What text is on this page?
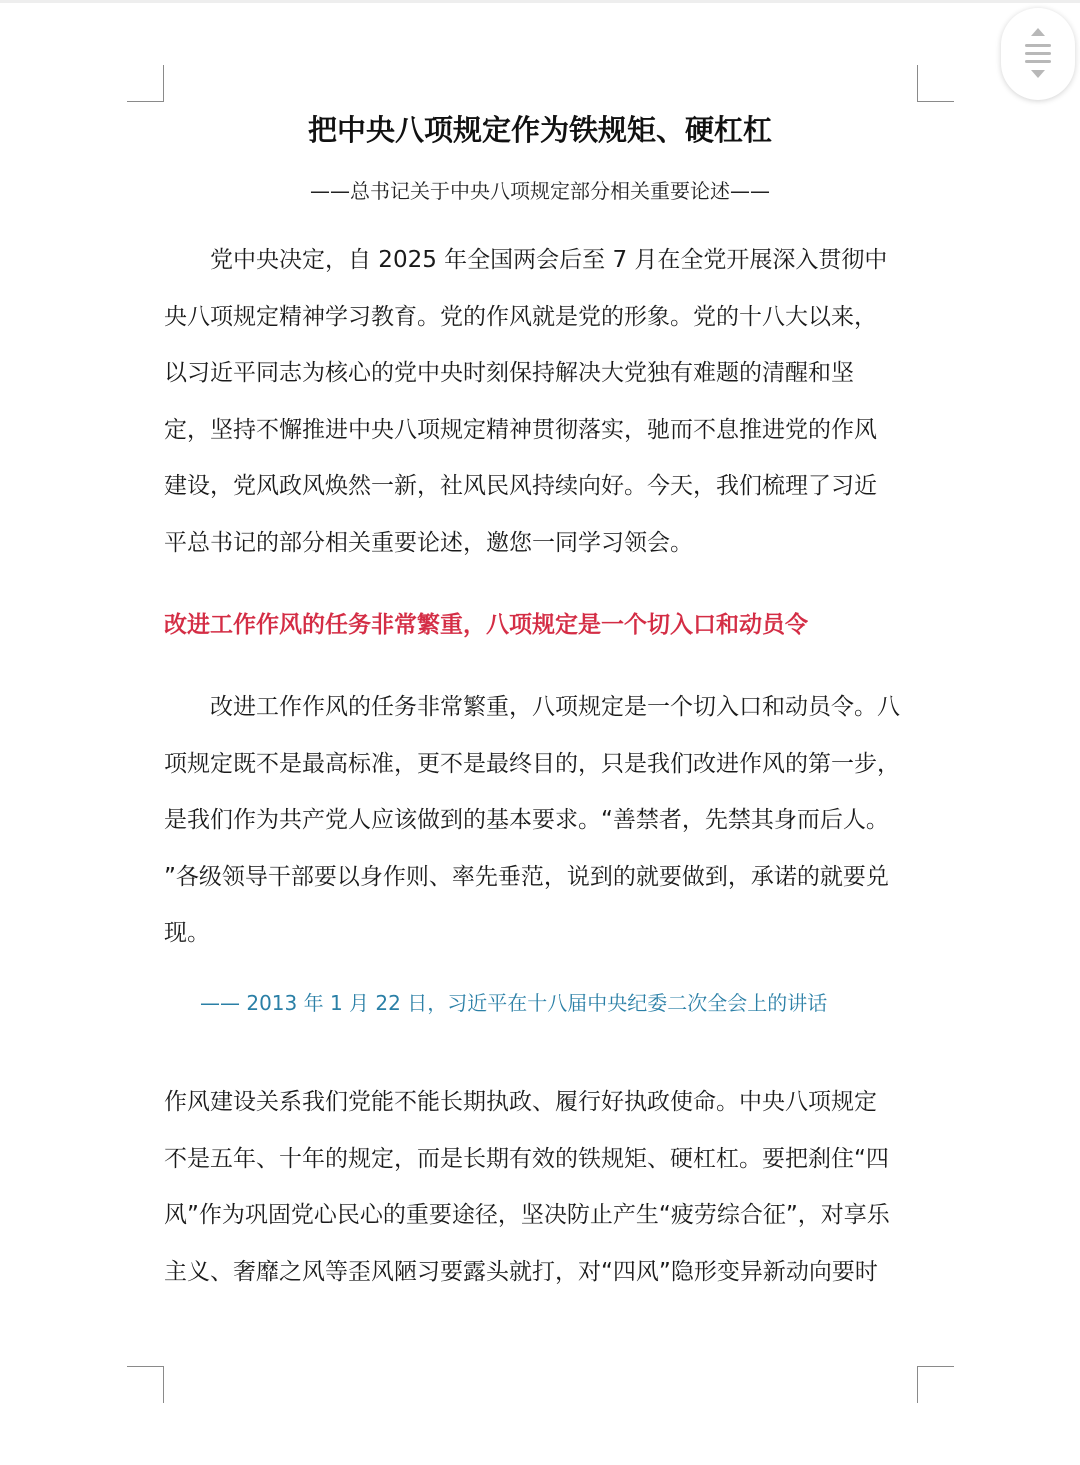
把中央八项规定作为铁规矩、硬杠杠
——总书记关于中央八项规定部分相关重要论述——
　　党中央决定，自 2025 年全国两会后至 7 月在全党开展深入贯彻中
央八项规定精神学习教育。党的作风就是党的形象。党的十八大以来，
以习近平同志为核心的党中央时刻保持解决大党独有难题的清醒和坚
定，坚持不懈推进中央八项规定精神贯彻落实，驰而不息推进党的作风
建设，党风政风焕然一新，社风民风持续向好。今天，我们梳理了习近
平总书记的部分相关重要论述，邀您一同学习领会。
改进工作作风的任务非常繁重，八项规定是一个切入口和动员令
　　改进工作作风的任务非常繁重，八项规定是一个切入口和动员令。八
项规定既不是最高标准，更不是最终目的，只是我们改进作风的第一步，
是我们作为共产党人应该做到的基本要求。“善禁者，先禁其身而后人。
”各级领导干部要以身作则、率先垂范，说到的就要做到，承诺的就要兑
现。
—— 2013 年 1 月 22 日，习近平在十八届中央纪委二次全会上的讲话
作风建设关系我们党能不能长期执政、履行好执政使命。中央八项规定
不是五年、十年的规定，而是长期有效的铁规矩、硬杠杠。要把刹住“四
风”作为巩固党心民心的重要途径，坚决防止产生“疲劳综合征”，对享乐
主义、奢靡之风等歪风陋习要露头就打，对“四风”隐形变异新动向要时
